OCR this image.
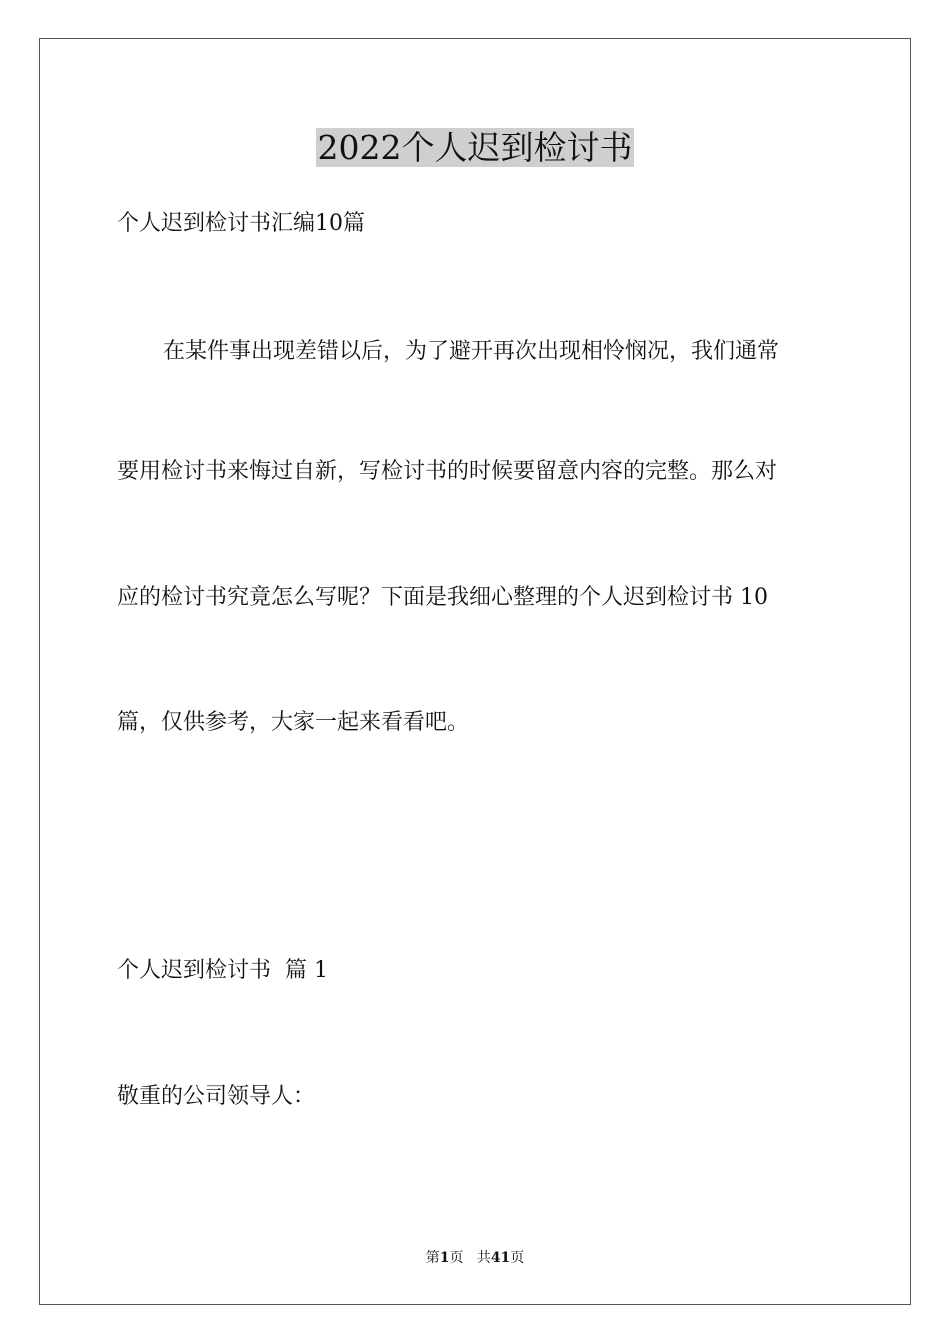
2022个人迟到检讨书
个人迟到检讨书汇编10篇
在某件事出现差错以后，为了避开再次出现相怜悯况，我们通常
要用检讨书来悔过自新，写检讨书的时候要留意内容的完整。那么对
应的检讨书究竟怎么写呢？下面是我细心整理的个人迟到检讨书 10
篇，仅供参考，大家一起来看看吧。
个人迟到检讨书  篇 1
敬重的公司领导人：
第1页 共41页
